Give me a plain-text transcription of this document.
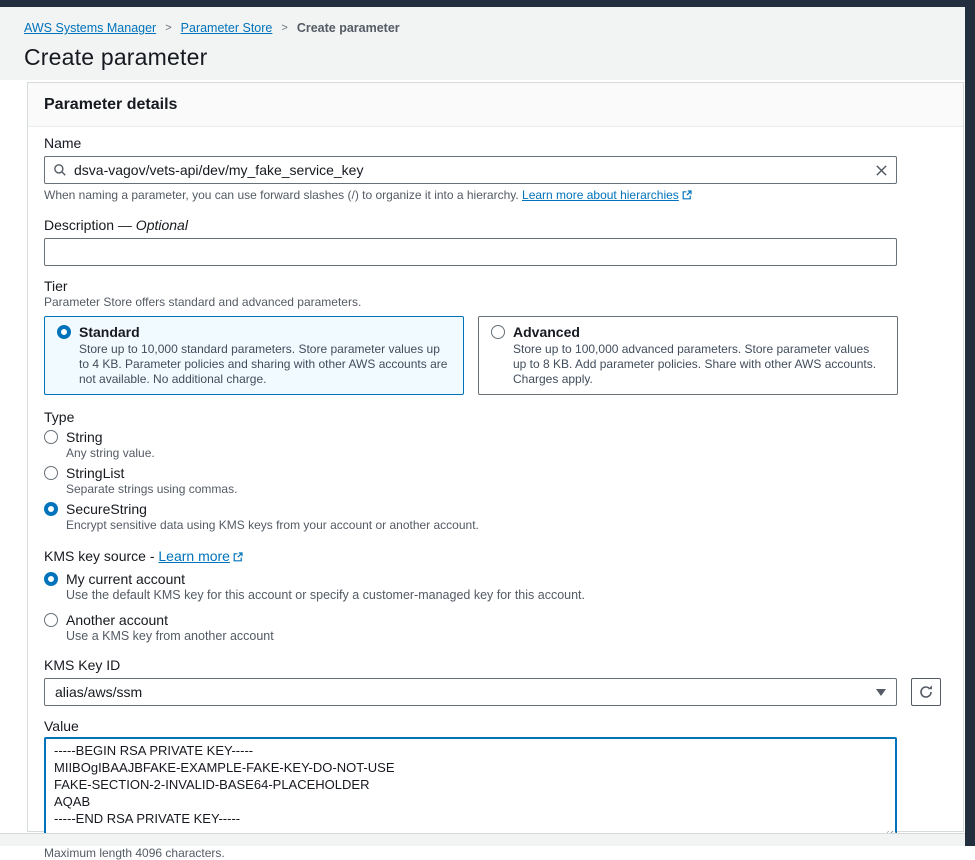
AWS Systems Manager > Parameter Store > Create parameter
Create parameter
Parameter details
Name
dsva-vagov/vets-api/dev/my_fake_service_key
When naming a parameter, you can use forward slashes (/) to organize it into a hierarchy. Learn more about hierarchies
Description — Optional
Tier
Parameter Store offers standard and advanced parameters.
Standard
Store up to 10,000 standard parameters. Store parameter values up to 4 KB. Parameter policies and sharing with other AWS accounts are not available. No additional charge.
Advanced
Store up to 100,000 advanced parameters. Store parameter values up to 8 KB. Add parameter policies. Share with other AWS accounts. Charges apply.
Type
String
Any string value.
StringList
Separate strings using commas.
SecureString
Encrypt sensitive data using KMS keys from your account or another account.
KMS key source - Learn more
My current account
Use the default KMS key for this account or specify a customer-managed key for this account.
Another account
Use a KMS key from another account
KMS Key ID
alias/aws/ssm
Value
-----BEGIN RSA PRIVATE KEY----- MIIBOgIBAAJBFAKE-EXAMPLE-FAKE-KEY-DO-NOT-USE FAKE-SECTION-2-INVALID-BASE64-PLACEHOLDER AQAB -----END RSA PRIVATE KEY-----
Maximum length 4096 characters.
